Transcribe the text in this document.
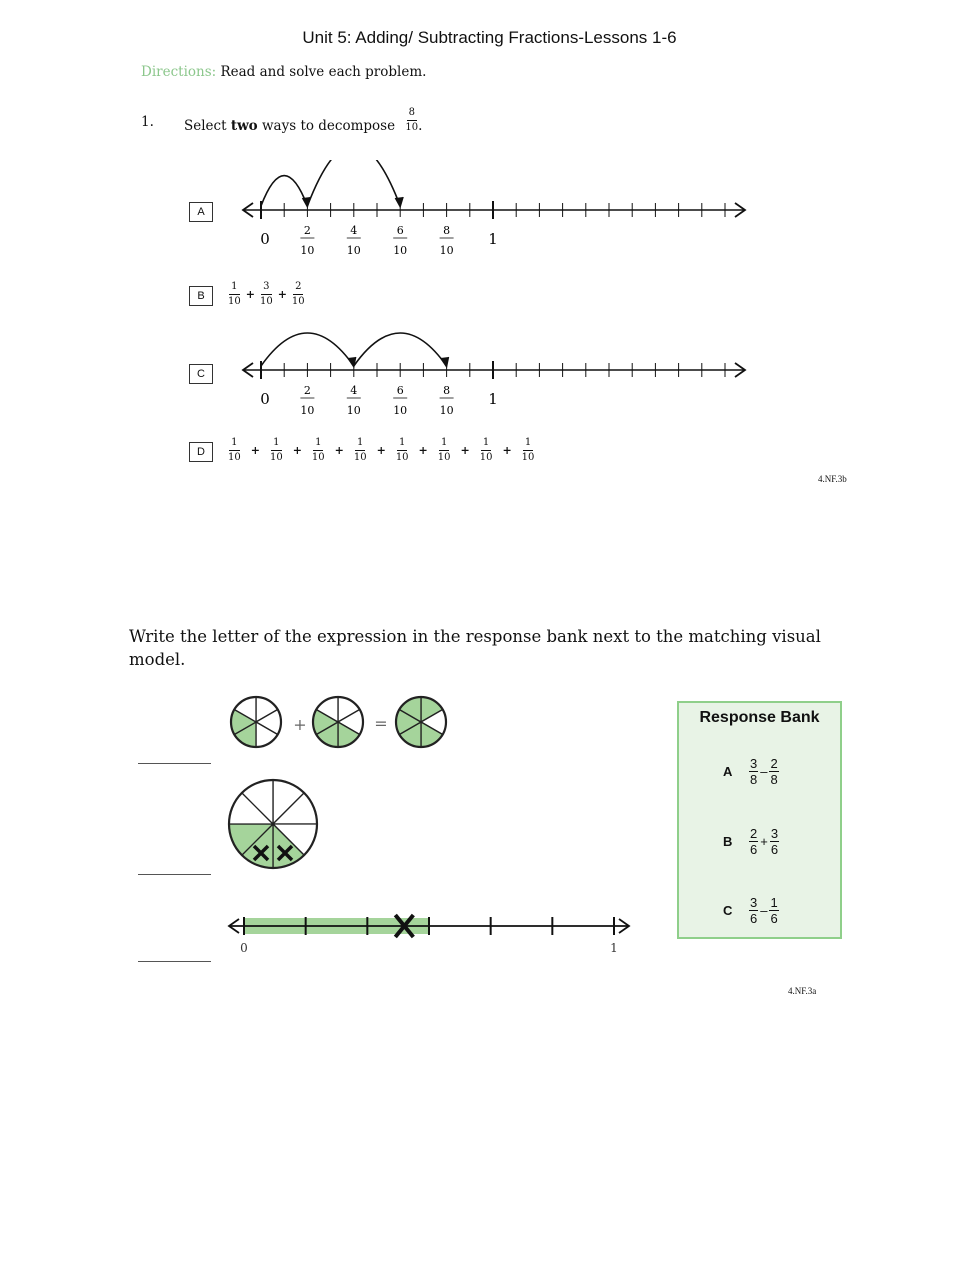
Unit 5: Adding/ Subtracting Fractions-Lessons 1-6
Directions: Read and solve each problem.
1. Select two ways to decompose $\frac{8}{10}$ .
A
0	1
2
10
4
10
6
10
8
10
B	$\frac{1}{10} + \frac{3}{10} + \frac{2}{10}$
C
0	1
2
10
4
10
6
10
8
10
D	$\frac{1}{10} + \frac{1}{10} + \frac{1}{10} + \frac{1}{10} + \frac{1}{10} + \frac{1}{10} + \frac{1}{10} + \frac{1}{10}$
4.NF.3b
Write the letter of the expression in the response bank next to the matching visual model.
+	=
0	1
Response Bank
A $\frac{3}{8} - \frac{2}{8}$
B $\frac{2}{6} + \frac{3}{6}$
C $\frac{3}{6} - \frac{1}{6}$
4.NF.3a
